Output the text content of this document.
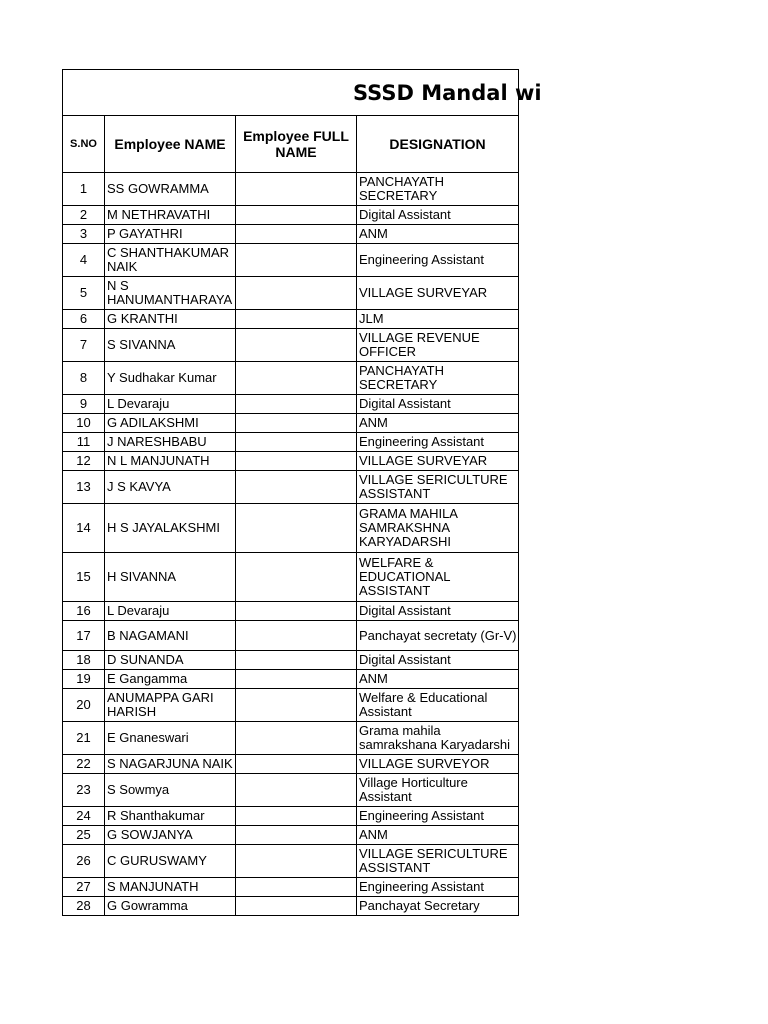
SSSD Mandal wi			
S.NO	Employee NAME	Employee FULL NAME	DESIGNATION
1	SS GOWRAMMA		PANCHAYATH SECRETARY
2	M NETHRAVATHI		Digital Assistant
3	P GAYATHRI		ANM
4	C SHANTHAKUMAR NAIK		Engineering Assistant
5	N S HANUMANTHARAYA		VILLAGE SURVEYAR
6	G KRANTHI		JLM
7	S SIVANNA		VILLAGE REVENUE OFFICER
8	Y Sudhakar Kumar		PANCHAYATH SECRETARY
9	L Devaraju		Digital Assistant
10	G ADILAKSHMI		ANM
11	J NARESHBABU		Engineering Assistant
12	N L MANJUNATH		VILLAGE SURVEYAR
13	J S KAVYA		VILLAGE SERICULTURE ASSISTANT
14	H S JAYALAKSHMI		GRAMA MAHILA SAMRAKSHNA KARYADARSHI
15	H SIVANNA		WELFARE & EDUCATIONAL ASSISTANT
16	L Devaraju		Digital Assistant
17	B NAGAMANI		Panchayat secretaty (Gr-V)
18	D SUNANDA		Digital Assistant
19	E Gangamma		ANM
20	ANUMAPPA GARI HARISH		Welfare & Educational Assistant
21	E Gnaneswari		Grama mahila samrakshana Karyadarshi
22	S NAGARJUNA NAIK		VILLAGE SURVEYOR
23	S Sowmya		Village Horticulture Assistant
24	R Shanthakumar		Engineering Assistant
25	G SOWJANYA		ANM
26	C GURUSWAMY		VILLAGE SERICULTURE ASSISTANT
27	S MANJUNATH		Engineering Assistant
28	G Gowramma		Panchayat Secretary
